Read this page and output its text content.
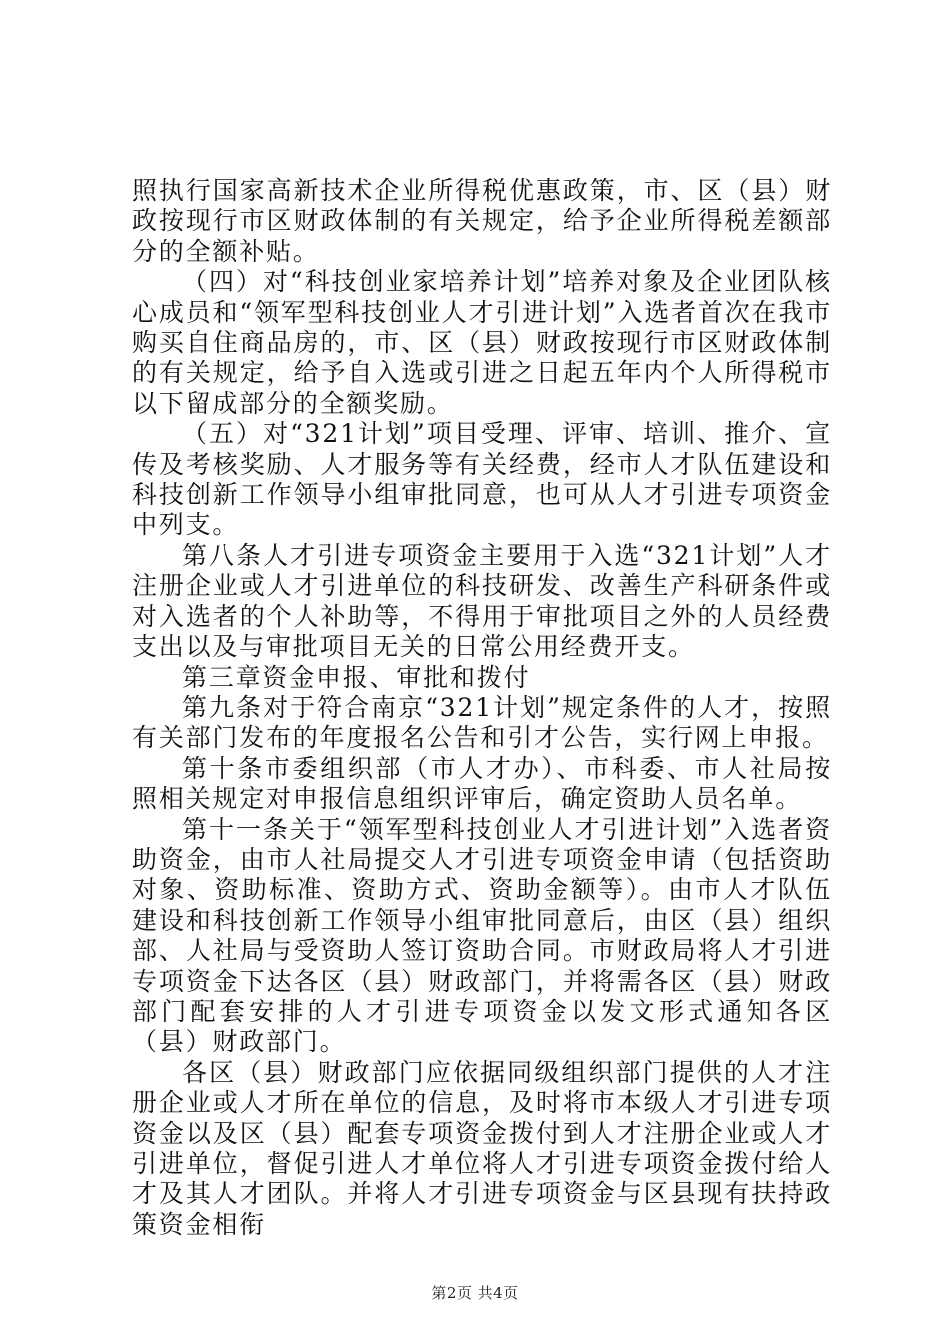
照执行国家高新技术企业所得税优惠政策，市、区（县）财政按现行市区财政体制的有关规定，给予企业所得税差额部分的全额补贴。

（四）对“科技创业家培养计划”培养对象及企业团队核心成员和“领军型科技创业人才引进计划”入选者首次在我市购买自住商品房的，市、区（县）财政按现行市区财政体制的有关规定，给予自入选或引进之日起五年内个人所得税市以下留成部分的全额奖励。

（五）对“321计划”项目受理、评审、培训、推介、宣传及考核奖励、人才服务等有关经费，经市人才队伍建设和科技创新工作领导小组审批同意，也可从人才引进专项资金中列支。

第八条人才引进专项资金主要用于入选“321计划”人才注册企业或人才引进单位的科技研发、改善生产科研条件或对入选者的个人补助等，不得用于审批项目之外的人员经费支出以及与审批项目无关的日常公用经费开支。

第三章资金申报、审批和拨付

第九条对于符合南京“321计划”规定条件的人才，按照有关部门发布的年度报名公告和引才公告，实行网上申报。

第十条市委组织部（市人才办）、市科委、市人社局按照相关规定对申报信息组织评审后，确定资助人员名单。

第十一条关于“领军型科技创业人才引进计划”入选者资助资金，由市人社局提交人才引进专项资金申请（包括资助对象、资助标准、资助方式、资助金额等）。由市人才队伍建设和科技创新工作领导小组审批同意后，由区（县）组织部、人社局与受资助人签订资助合同。市财政局将人才引进专项资金下达各区（县）财政部门，并将需各区（县）财政部门配套安排的人才引进专项资金以发文形式通知各区（县）财政部门。

各区（县）财政部门应依据同级组织部门提供的人才注册企业或人才所在单位的信息，及时将市本级人才引进专项资金以及区（县）配套专项资金拨付到人才注册企业或人才引进单位，督促引进人才单位将人才引进专项资金拨付给人才及其人才团队。并将人才引进专项资金与区县现有扶持政策资金相衔

第2页 共4页
